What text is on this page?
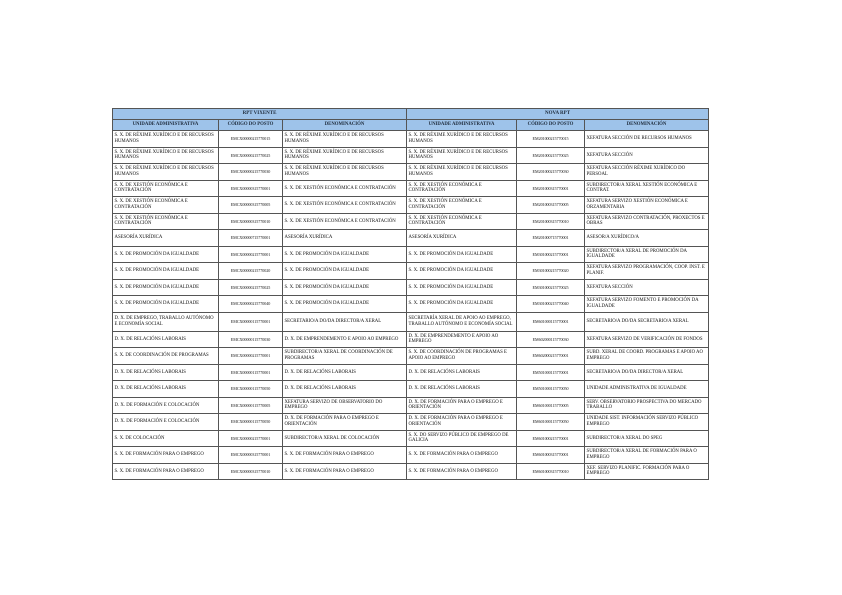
RPT VIXENTE			NOVA RPT		
UNIDADE ADMINISTRATIVA	CÓDIGO DO POSTO	DENOMINACIÓN	UNIDADE ADMINISTRATIVA	CÓDIGO DO POSTO	DENOMINACIÓN
S. X. DE RÉXIME XURÍDICO E DE RECURSOS HUMANOS	EMCX00000215770015	S. X. DE RÉXIME XURÍDICO E DE RECURSOS HUMANOS	S. X. DE RÉXIME XURÍDICO E DE RECURSOS HUMANOS	EM201000215770015	XEFATURA SECCIÓN DE RECURSOS HUMANOS
S. X. DE RÉXIME XURÍDICO E DE RECURSOS HUMANOS	EMCX00000215770025	S. X. DE RÉXIME XURÍDICO E DE RECURSOS HUMANOS	S. X. DE RÉXIME XURÍDICO E DE RECURSOS HUMANOS	EM201000215770025	XEFATURA SECCIÓN
S. X. DE RÉXIME XURÍDICO E DE RECURSOS HUMANOS	EMCX00000215770030	S. X. DE RÉXIME XURÍDICO E DE RECURSOS HUMANOS	S. X. DE RÉXIME XURÍDICO E DE RECURSOS HUMANOS	EM201000215770030	XEFATURA SECCIÓN RÉXIME XURÍDICO DO PERSOAL
S. X. DE XESTIÓN ECONÓMICA E CONTRATACIÓN	EMCX00000315770001	S. X. DE XESTIÓN ECONÓMICA E CONTRATACIÓN	S. X. DE XESTIÓN ECONÓMICA E CONTRATACIÓN	EM201000315770001	SUBDIRECTOR/A XERAL XESTIÓN ECONÓMICA E CONTRAT.
S. X. DE XESTIÓN ECONÓMICA E CONTRATACIÓN	EMCX00000315770005	S. X. DE XESTIÓN ECONÓMICA E CONTRATACIÓN	S. X. DE XESTIÓN ECONÓMICA E CONTRATACIÓN	EM201000315770005	XEFATURA SERVIZO XESTIÓN ECONÓMICA E ORZAMENTARIA
S. X. DE XESTIÓN ECONÓMICA E CONTRATACIÓN	EMCX00000315770010	S. X. DE XESTIÓN ECONÓMICA E CONTRATACIÓN	S. X. DE XESTIÓN ECONÓMICA E CONTRATACIÓN	EM201000315770010	XEFATURA SERVIZO CONTRATACIÓN, PROXECTOS E OBRAS
ASESORÍA XURÍDICA	EMCX00000715770001	ASESORÍA XURÍDICA	ASESORÍA XURÍDICA	EM201000715770001	ASESOR/A XURÍDICO/A
S. X. DE PROMOCIÓN DA IGUALDADE	EMCX00000215770001	S. X. DE PROMOCIÓN DA IGUALDADE	S. X. DE PROMOCIÓN DA IGUALDADE	EM301000215770001	SUBDIRECTOR/A XERAL DE PROMOCIÓN DA IGUALDADE
S. X. DE PROMOCIÓN DA IGUALDADE	EMCX00000215770020	S. X. DE PROMOCIÓN DA IGUALDADE	S. X. DE PROMOCIÓN DA IGUALDADE	EM301000215770020	XEFATURA SERVIZO PROGRAMACIÓN, COOP. INST. E PLANIF.
S. X. DE PROMOCIÓN DA IGUALDADE	EMCX00000215770025	S. X. DE PROMOCIÓN DA IGUALDADE	S. X. DE PROMOCIÓN DA IGUALDADE	EM301000215770025	XEFATURA SECCIÓN
S. X. DE PROMOCIÓN DA IGUALDADE	EMCX00000215770040	S. X. DE PROMOCIÓN DA IGUALDADE	S. X. DE PROMOCIÓN DA IGUALDADE	EM301000215770040	XEFATURA SERVIZO FOMENTO E PROMOCIÓN DA IGUALDADE
D. X. DE EMPREGO, TRABALLO AUTÓNOMO E ECONOMÍA SOCIAL	EMCX00000115770001	SECRETARIO/A DO/DA DIRECTOR/A XERAL	SECRETARÍA XERAL DE APOIO AO EMPREGO, TRABALLO AUTÓNOMO E ECONOMÍA SOCIAL	EM601000115770001	SECRETARIO/A DO/DA SECRETARIO/A XERAL
D. X. DE RELACIÓNS LABORAIS	EMCX00000115770030	D. X. DE EMPRENDEMENTO E APOIO AO EMPREGO	D. X. DE EMPRENDEMENTO E APOIO AO EMPREGO	EM602000115770030	XEFATURA SERVIZO DE VERIFICACIÓN DE FONDOS
S. X. DE COORDINACIÓN DE PROGRAMAS	EMCX00000215770001	SUBDIRECTOR/A XERAL DE COORDINACIÓN DE PROGRAMAS	S. X. DE COORDINACIÓN DE PROGRAMAS E APOIO AO EMPREGO	EM602000215770001	SUBD. XERAL DE COORD. PROGRAMAS E APOIO AO EMPREGO
D. X. DE RELACIÓNS LABORAIS	EMCX00000115770001	D. X. DE RELACIÓNS LABORAIS	D. X. DE RELACIÓNS LABORAIS	EM501000115770001	SECRETARIO/A DO/DA DIRECTOR/A XERAL
D. X. DE RELACIÓNS LABORAIS	EMCX00000115770050	D. X. DE RELACIÓNS LABORAIS	D. X. DE RELACIÓNS LABORAIS	EM501000115770050	UNIDADE ADMINISTRATIVA DE IGUALDADE
D. X. DE FORMACIÓN E COLOCACIÓN	EMCX00000115770005	XEFATURA SERVIZO DE OBSERVATORIO DO EMPREGO	D. X. DE FORMACIÓN PARA O EMPREGO E ORIENTACIÓN	EM601000115770005	SERV. OBSERVATORIO PROSPECTIVA DO MERCADO TRABALLO
D. X. DE FORMACIÓN E COLOCACIÓN	EMCX00000115770050	D. X. DE FORMACIÓN PARA O EMPREGO E ORIENTACIÓN	D. X. DE FORMACIÓN PARA O EMPREGO E ORIENTACIÓN	EM601000115770050	UNIDADE SIST. INFORMACIÓN SERVIZO PÚBLICO EMPREGO
S. X. DE COLOCACIÓN	EMCX00000215770001	SUBDIRECTOR/A XERAL DE COLOCACIÓN	S. X. DO SERVIZO PÚBLICO DE EMPREGO DE GALICIA	EM601000215770001	SUBDIRECTOR/A XERAL DO SPEG
S. X. DE FORMACIÓN PARA O EMPREGO	EMCX00000315770001	S. X. DE FORMACIÓN PARA O EMPREGO	S. X. DE FORMACIÓN PARA O EMPREGO	EM601000315770001	SUBDIRECTOR/A XERAL DE FORMACIÓN PARA O EMPREGO
S. X. DE FORMACIÓN PARA O EMPREGO	EMCX00000315770010	S. X. DE FORMACIÓN PARA O EMPREGO	S. X. DE FORMACIÓN PARA O EMPREGO	EM601000315770010	XEF. SERVIZO PLANIFIC. FORMACIÓN PARA O EMPREGO
